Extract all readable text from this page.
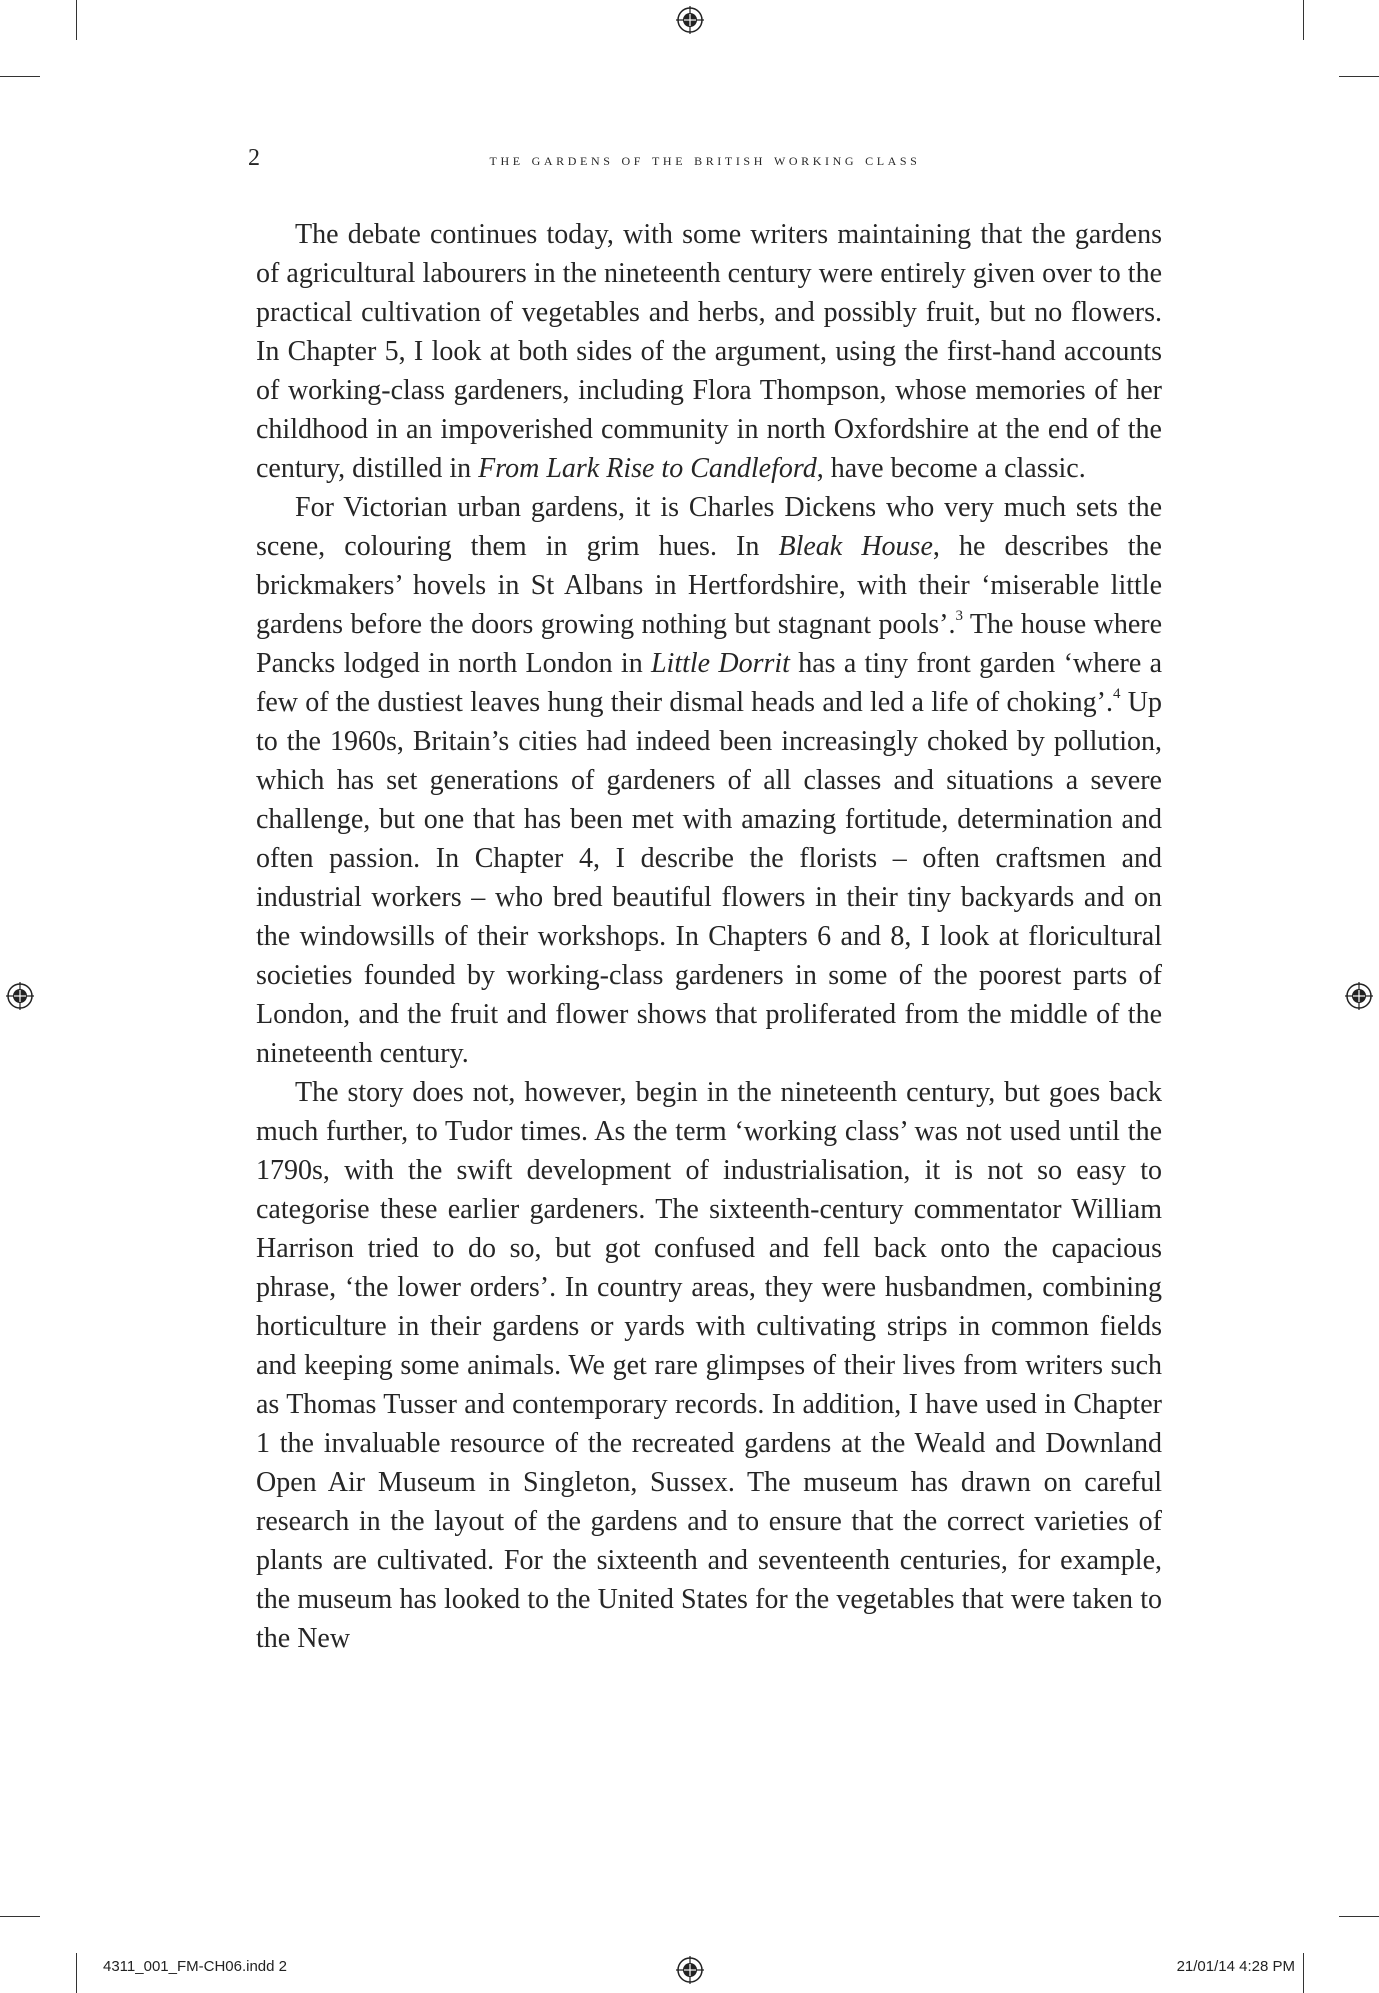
2	the gardens of the british working class

The debate continues today, with some writers maintaining that the gardens of agricultural labourers in the nineteenth century were entirely given over to the practical cultivation of vegetables and herbs, and possibly fruit, but no flowers. In Chapter 5, I look at both sides of the argument, using the first-hand accounts of working-class gardeners, including Flora Thompson, whose memories of her childhood in an impoverished community in north Oxfordshire at the end of the century, distilled in From Lark Rise to Candleford, have become a classic.

For Victorian urban gardens, it is Charles Dickens who very much sets the scene, colouring them in grim hues. In Bleak House, he describes the brickmakers’ hovels in St Albans in Hertfordshire, with their ‘miserable little gardens before the doors growing nothing but stagnant pools’.$^3$ The house where Pancks lodged in north London in Little Dorrit has a tiny front garden ‘where a few of the dustiest leaves hung their dismal heads and led a life of choking’.$^4$ Up to the 1960s, Britain’s cities had indeed been increasingly choked by pollution, which has set generations of gardeners of all classes and situations a severe challenge, but one that has been met with amazing fortitude, determination and often passion. In Chapter 4, I describe the florists – often craftsmen and industrial workers – who bred beautiful flowers in their tiny backyards and on the windowsills of their workshops. In Chapters 6 and 8, I look at floricultural societies founded by working-class gardeners in some of the poorest parts of London, and the fruit and flower shows that proliferated from the middle of the nineteenth century.

The story does not, however, begin in the nineteenth century, but goes back much further, to Tudor times. As the term ‘working class’ was not used until the 1790s, with the swift development of industrialisation, it is not so easy to categorise these earlier gardeners. The sixteenth-century commentator William Harrison tried to do so, but got confused and fell back onto the capacious phrase, ‘the lower orders’. In country areas, they were husbandmen, combining horticulture in their gardens or yards with cultivating strips in common fields and keeping some animals. We get rare glimpses of their lives from writers such as Thomas Tusser and contemporary records. In addition, I have used in Chapter 1 the invaluable resource of the recreated gardens at the Weald and Downland Open Air Museum in Singleton, Sussex. The museum has drawn on careful research in the layout of the gardens and to ensure that the correct varieties of plants are cultivated. For the sixteenth and seventeenth centuries, for example, the museum has looked to the United States for the vegetables that were taken to the New

4311_001_FM-CH06.indd 2	21/01/14 4:28 PM
